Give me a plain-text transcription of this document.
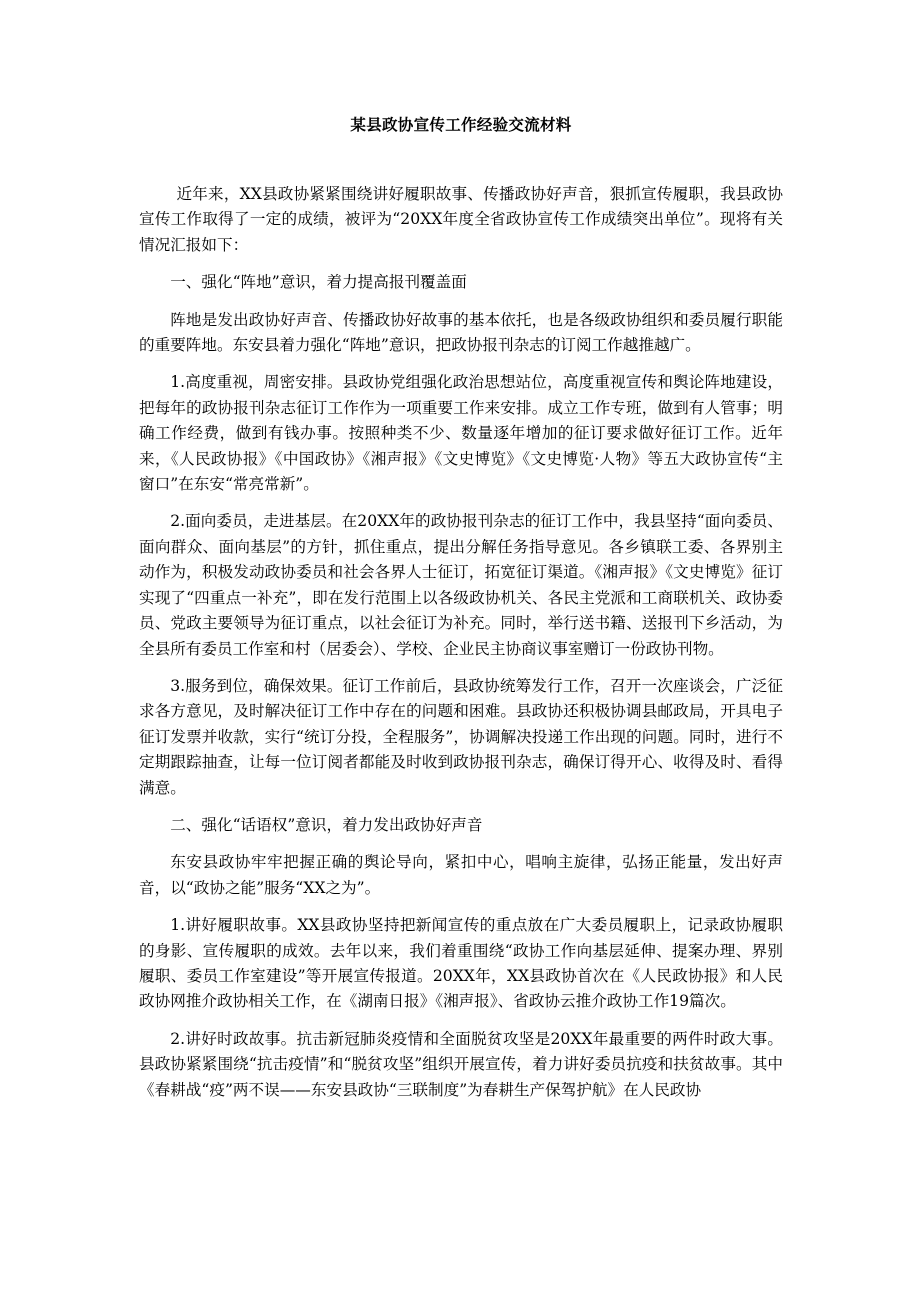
某县政协宣传工作经验交流材料

近年来，XX县政协紧紧围绕讲好履职故事、传播政协好声音，狠抓宣传履职，我县政协宣传工作取得了一定的成绩，被评为“20XX年度全省政协宣传工作成绩突出单位”。现将有关情况汇报如下：

一、强化“阵地”意识，着力提高报刊覆盖面

阵地是发出政协好声音、传播政协好故事的基本依托，也是各级政协组织和委员履行职能的重要阵地。东安县着力强化“阵地”意识，把政协报刊杂志的订阅工作越推越广。

1.高度重视，周密安排。县政协党组强化政治思想站位，高度重视宣传和舆论阵地建设，把每年的政协报刊杂志征订工作作为一项重要工作来安排。成立工作专班，做到有人管事；明确工作经费，做到有钱办事。按照种类不少、数量逐年增加的征订要求做好征订工作。近年来，《人民政协报》《中国政协》《湘声报》《文史博览》《文史博览·人物》等五大政协宣传“主窗口”在东安“常亮常新”。

2.面向委员，走进基层。在20XX年的政协报刊杂志的征订工作中，我县坚持“面向委员、面向群众、面向基层”的方针，抓住重点，提出分解任务指导意见。各乡镇联工委、各界别主动作为，积极发动政协委员和社会各界人士征订，拓宽征订渠道。《湘声报》《文史博览》征订实现了“四重点一补充”，即在发行范围上以各级政协机关、各民主党派和工商联机关、政协委员、党政主要领导为征订重点，以社会征订为补充。同时，举行送书籍、送报刊下乡活动，为全县所有委员工作室和村（居委会）、学校、企业民主协商议事室赠订一份政协刊物。

3.服务到位，确保效果。征订工作前后，县政协统筹发行工作，召开一次座谈会，广泛征求各方意见，及时解决征订工作中存在的问题和困难。县政协还积极协调县邮政局，开具电子征订发票并收款，实行“统订分投，全程服务”，协调解决投递工作出现的问题。同时，进行不定期跟踪抽查，让每一位订阅者都能及时收到政协报刊杂志，确保订得开心、收得及时、看得满意。

二、强化“话语权”意识，着力发出政协好声音

东安县政协牢牢把握正确的舆论导向，紧扣中心，唱响主旋律，弘扬正能量，发出好声音，以“政协之能”服务“XX之为”。

1.讲好履职故事。XX县政协坚持把新闻宣传的重点放在广大委员履职上，记录政协履职的身影、宣传履职的成效。去年以来，我们着重围绕“政协工作向基层延伸、提案办理、界别履职、委员工作室建设”等开展宣传报道。20XX年，XX县政协首次在《人民政协报》和人民政协网推介政协相关工作，在《湖南日报》《湘声报》、省政协云推介政协工作19篇次。

2.讲好时政故事。抗击新冠肺炎疫情和全面脱贫攻坚是20XX年最重要的两件时政大事。县政协紧紧围绕“抗击疫情”和“脱贫攻坚”组织开展宣传，着力讲好委员抗疫和扶贫故事。其中《春耕战“疫”两不误——东安县政协“三联制度”为春耕生产保驾护航》在人民政协
